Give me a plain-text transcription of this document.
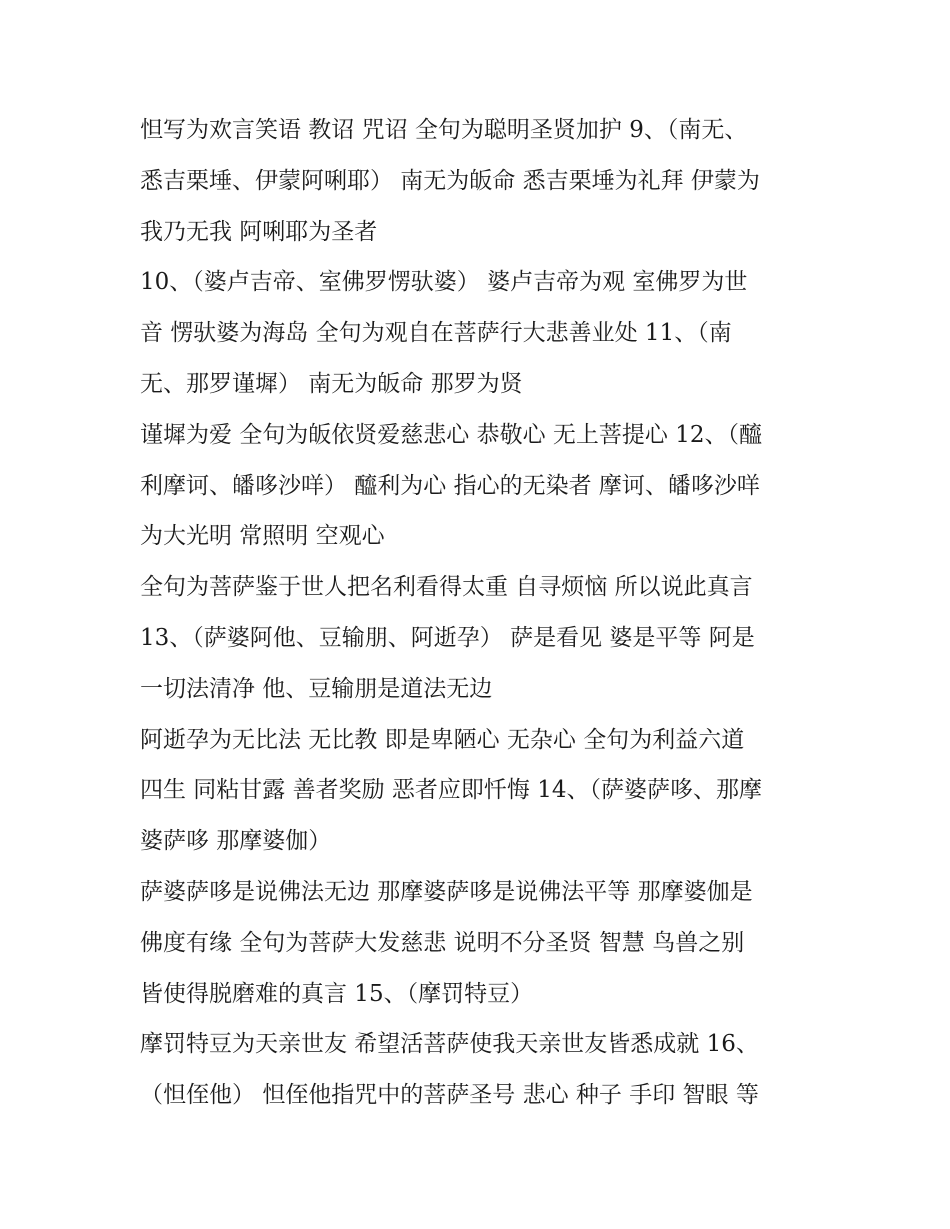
怛写为欢言笑语 教诏 咒诏 全句为聪明圣贤加护 9、（南无、
悉吉栗埵、伊蒙阿唎耶） 南无为皈命 悉吉栗埵为礼拜 伊蒙为
我乃无我 阿唎耶为圣者
10、（婆卢吉帝、室佛罗愣驮婆） 婆卢吉帝为观 室佛罗为世
音 愣驮婆为海岛 全句为观自在菩萨行大悲善业处 11、（南
无、那罗谨墀） 南无为皈命 那罗为贤
谨墀为爱 全句为皈依贤爱慈悲心 恭敬心 无上菩提心 12、（醯
利摩诃、皤哆沙咩） 醯利为心 指心的无染者 摩诃、皤哆沙咩
为大光明 常照明 空观心
全句为菩萨鉴于世人把名利看得太重 自寻烦恼 所以说此真言
13、（萨婆阿他、豆输朋、阿逝孕） 萨是看见 婆是平等 阿是
一切法清净 他、豆输朋是道法无边
阿逝孕为无比法 无比教 即是卑陋心 无杂心 全句为利益六道
四生 同粘甘露 善者奖励 恶者应即忏悔 14、（萨婆萨哆、那摩
婆萨哆 那摩婆伽）
萨婆萨哆是说佛法无边 那摩婆萨哆是说佛法平等 那摩婆伽是
佛度有缘 全句为菩萨大发慈悲 说明不分圣贤 智慧 鸟兽之别
皆使得脱磨难的真言 15、（摩罚特豆）
摩罚特豆为天亲世友 希望活菩萨使我天亲世友皆悉成就 16、
（怛侄他） 怛侄他指咒中的菩萨圣号 悲心 种子 手印 智眼 等
